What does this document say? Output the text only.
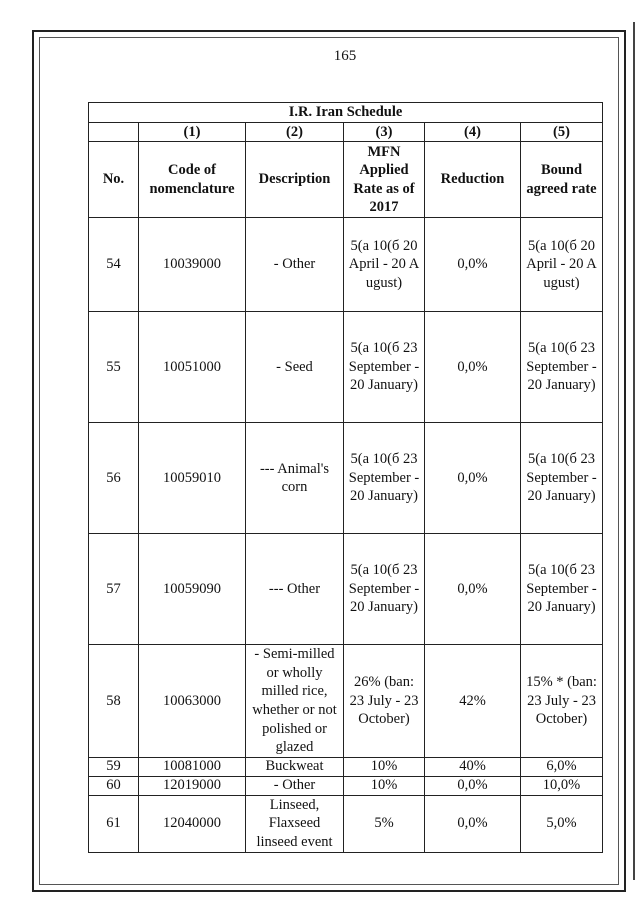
165
I.R. Iran Schedule					
	(1)	(2)	(3)	(4)	(5)
No.	Code of nomenclature	Description	MFN Applied Rate as of 2017	Reduction	Bound agreed rate
54	10039000	- Other	5(a 10(б 20 April - 20 August)	0,0%	5(a 10(б 20 April - 20 August)
55	10051000	- Seed	5(a 10(б 23 September - 20 January)	0,0%	5(a 10(б 23 September - 20 January)
56	10059010	--- Animal's corn	5(a 10(б 23 September - 20 January)	0,0%	5(a 10(б 23 September - 20 January)
57	10059090	--- Other	5(a 10(б 23 September - 20 January)	0,0%	5(a 10(б 23 September - 20 January)
58	10063000	- Semi-milled or wholly milled rice, whether or not polished or glazed	26% (ban: 23 July - 23 October)	42%	15% * (ban: 23 July - 23 October)
59	10081000	Buckweat	10%	40%	6,0%
60	12019000	- Other	10%	0,0%	10,0%
61	12040000	Linseed, Flaxseed linseed event	5%	0,0%	5,0%
